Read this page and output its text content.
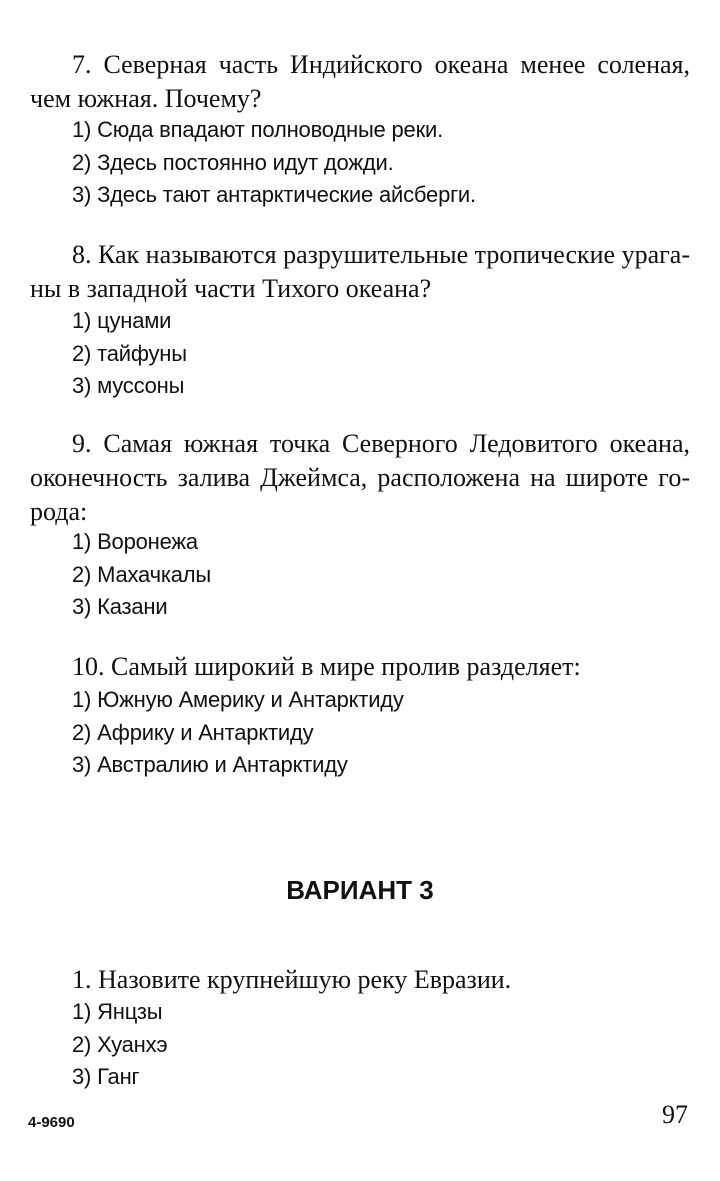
7. Северная часть Индийского океана менее соленая, чем южная. Почему?

1) Сюда впадают полноводные реки.
2) Здесь постоянно идут дожди.
3) Здесь тают антарктические айсберги.

8. Как называются разрушительные тропические ураганы в западной части Тихого океана?

1) цунами
2) тайфуны
3) муссоны

9. Самая южная точка Северного Ледовитого океана, оконечность залива Джеймса, расположена на широте города:

1) Воронежа
2) Махачкалы
3) Казани

10. Самый широкий в мире пролив разделяет:

1) Южную Америку и Антарктиду
2) Африку и Антарктиду
3) Австралию и Антарктиду
ВАРИАНТ 3

1. Назовите крупнейшую реку Евразии.

1) Янцзы
2) Хуанхэ
3) Ганг
4-9690	97
